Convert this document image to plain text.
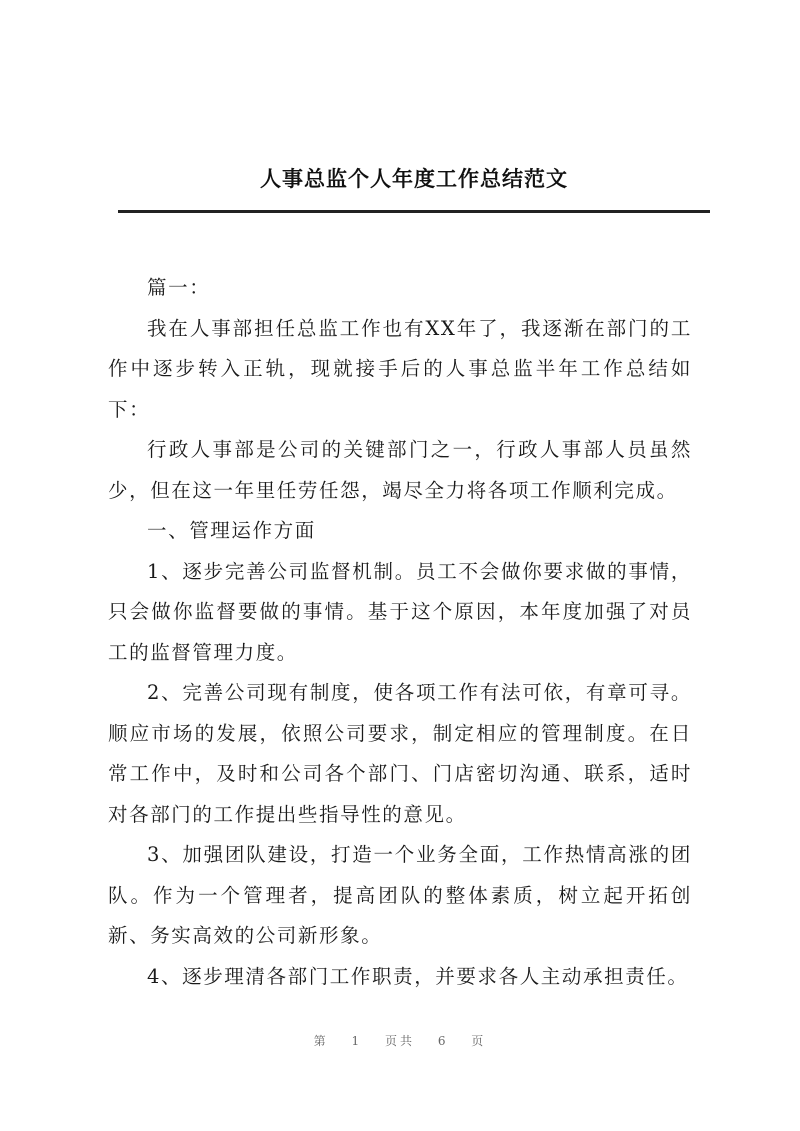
人事总监个人年度工作总结范文

篇一：

我在人事部担任总监工作也有XX年了，我逐渐在部门的工作中逐步转入正轨，现就接手后的人事总监半年工作总结如下：

行政人事部是公司的关键部门之一，行政人事部人员虽然少，但在这一年里任劳任怨，竭尽全力将各项工作顺利完成。

一、管理运作方面

1、逐步完善公司监督机制。员工不会做你要求做的事情，只会做你监督要做的事情。基于这个原因，本年度加强了对员工的监督管理力度。

2、完善公司现有制度，使各项工作有法可依，有章可寻。顺应市场的发展，依照公司要求，制定相应的管理制度。在日常工作中，及时和公司各个部门、门店密切沟通、联系，适时对各部门的工作提出些指导性的意见。

3、加强团队建设，打造一个业务全面，工作热情高涨的团队。作为一个管理者，提高团队的整体素质，树立起开拓创新、务实高效的公司新形象。

4、逐步理清各部门工作职责，并要求各人主动承担责任。

第 1 页共 6 页
